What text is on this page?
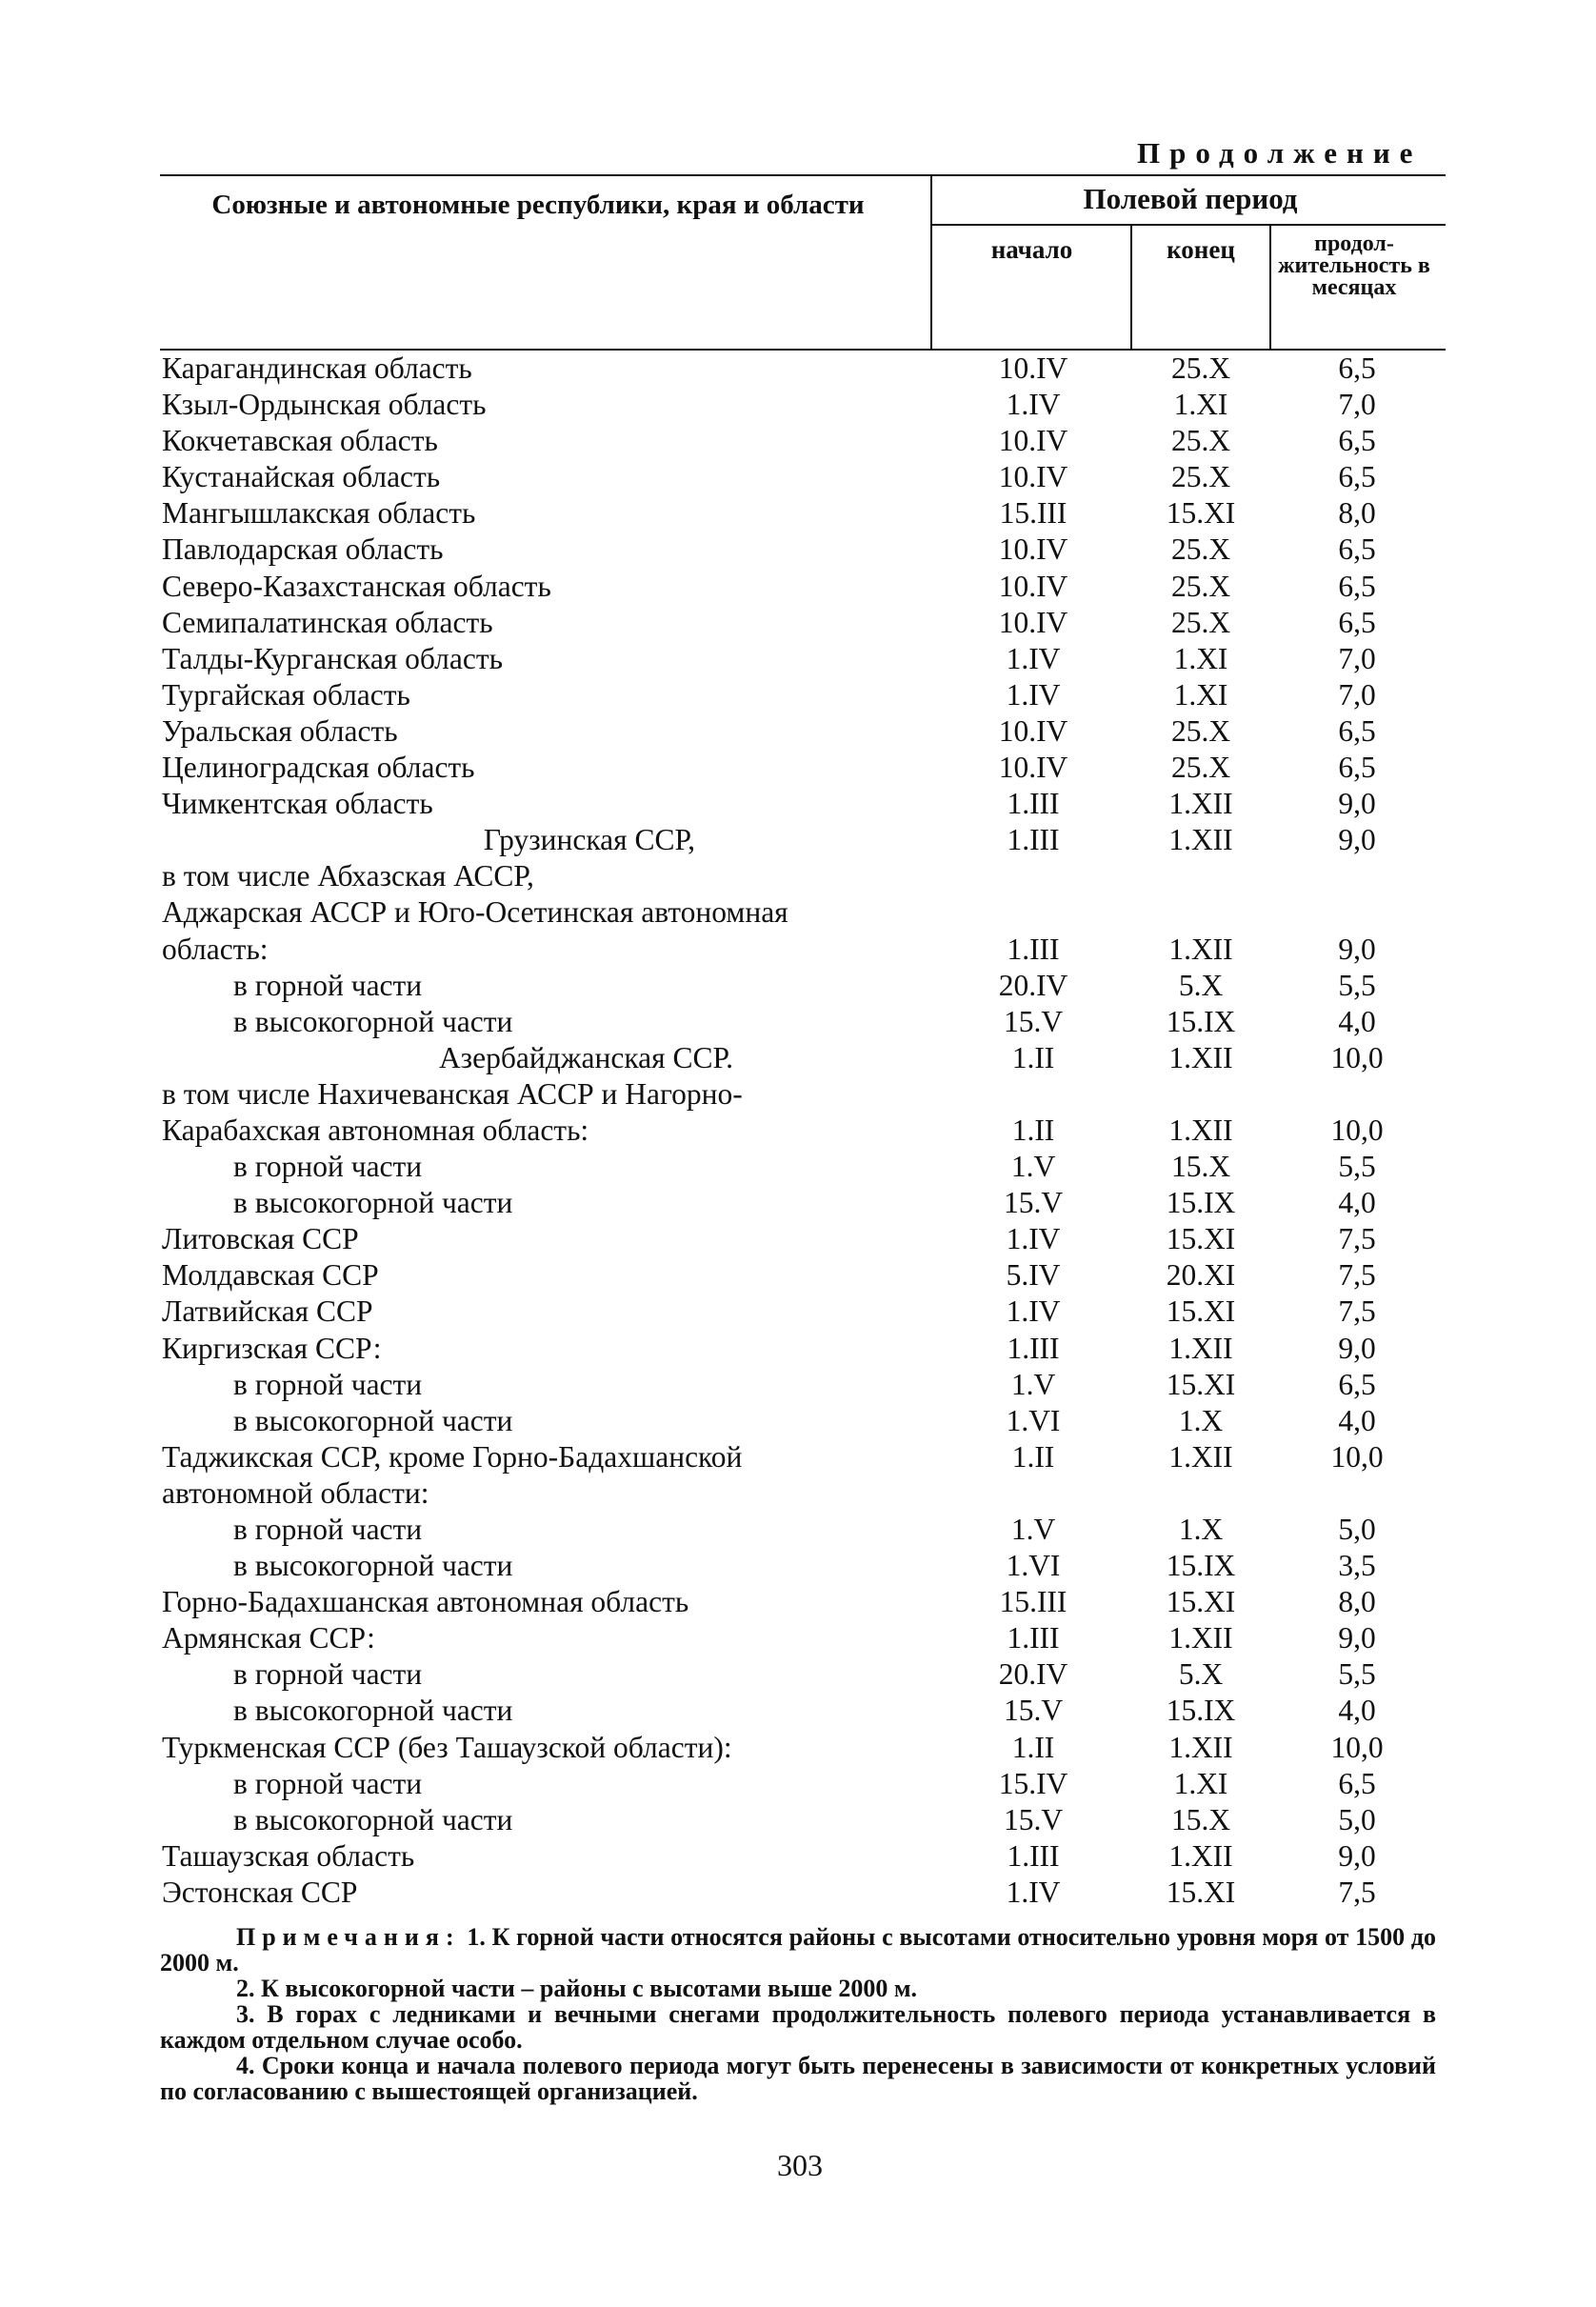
Продолжение
Союзные и автономные республики, края и области	Полевой период
начало	конец	продол-жительность в месяцах
Карагандинская область	10.IV	25.X	6,5
Кзыл-Ордынская область	1.IV	1.XI	7,0
Кокчетавская область	10.IV	25.X	6,5
Кустанайская область	10.IV	25.X	6,5
Мангышлакская область	15.III	15.XI	8,0
Павлодарская область	10.IV	25.X	6,5
Северо-Казахстанская область	10.IV	25.X	6,5
Семипалатинская область	10.IV	25.X	6,5
Талды-Курганская область	1.IV	1.XI	7,0
Тургайская область	1.IV	1.XI	7,0
Уральская область	10.IV	25.X	6,5
Целиноградская область	10.IV	25.X	6,5
Чимкентская область	1.III	1.XII	9,0
Грузинская ССР,	1.III	1.XII	9,0
в том числе Абхазская АССР,
Аджарская АССР и Юго-Осетинская автономная
область:	1.III	1.XII	9,0
в горной части	20.IV	5.X	5,5
в высокогорной части	15.V	15.IX	4,0
Азербайджанская ССР.	1.II	1.XII	10,0
в том числе Нахичеванская АССР и Нагорно-
Карабахская автономная область:	1.II	1.XII	10,0
в горной части	1.V	15.X	5,5
в высокогорной части	15.V	15.IX	4,0
Литовская ССР	1.IV	15.XI	7,5
Молдавская ССР	5.IV	20.XI	7,5
Латвийская ССР	1.IV	15.XI	7,5
Киргизская ССР:	1.III	1.XII	9,0
в горной части	1.V	15.XI	6,5
в высокогорной части	1.VI	1.X	4,0
Таджикская ССР, кроме Горно-Бадахшанской	1.II	1.XII	10,0
автономной области:
в горной части	1.V	1.X	5,0
в высокогорной части	1.VI	15.IX	3,5
Горно-Бадахшанская автономная область	15.III	15.XI	8,0
Армянская ССР:	1.III	1.XII	9,0
в горной части	20.IV	5.X	5,5
в высокогорной части	15.V	15.IX	4,0
Туркменская ССР (без Ташаузской области):	1.II	1.XII	10,0
в горной части	15.IV	1.XI	6,5
в высокогорной части	15.V	15.X	5,0
Ташаузская область	1.III	1.XII	9,0
Эстонская ССР	1.IV	15.XI	7,5

Примечания: 1. К горной части относятся районы с высотами относительно уровня моря от 1500 до 2000 м.

2. К высокогорной части – районы с высотами выше 2000 м.

3. В горах с ледниками и вечными снегами продолжительность полевого периода устанавливается в каждом отдельном случае особо.

4. Сроки конца и начала полевого периода могут быть перенесены в зависимости от конкретных условий по согласованию с вышестоящей организацией.

303
